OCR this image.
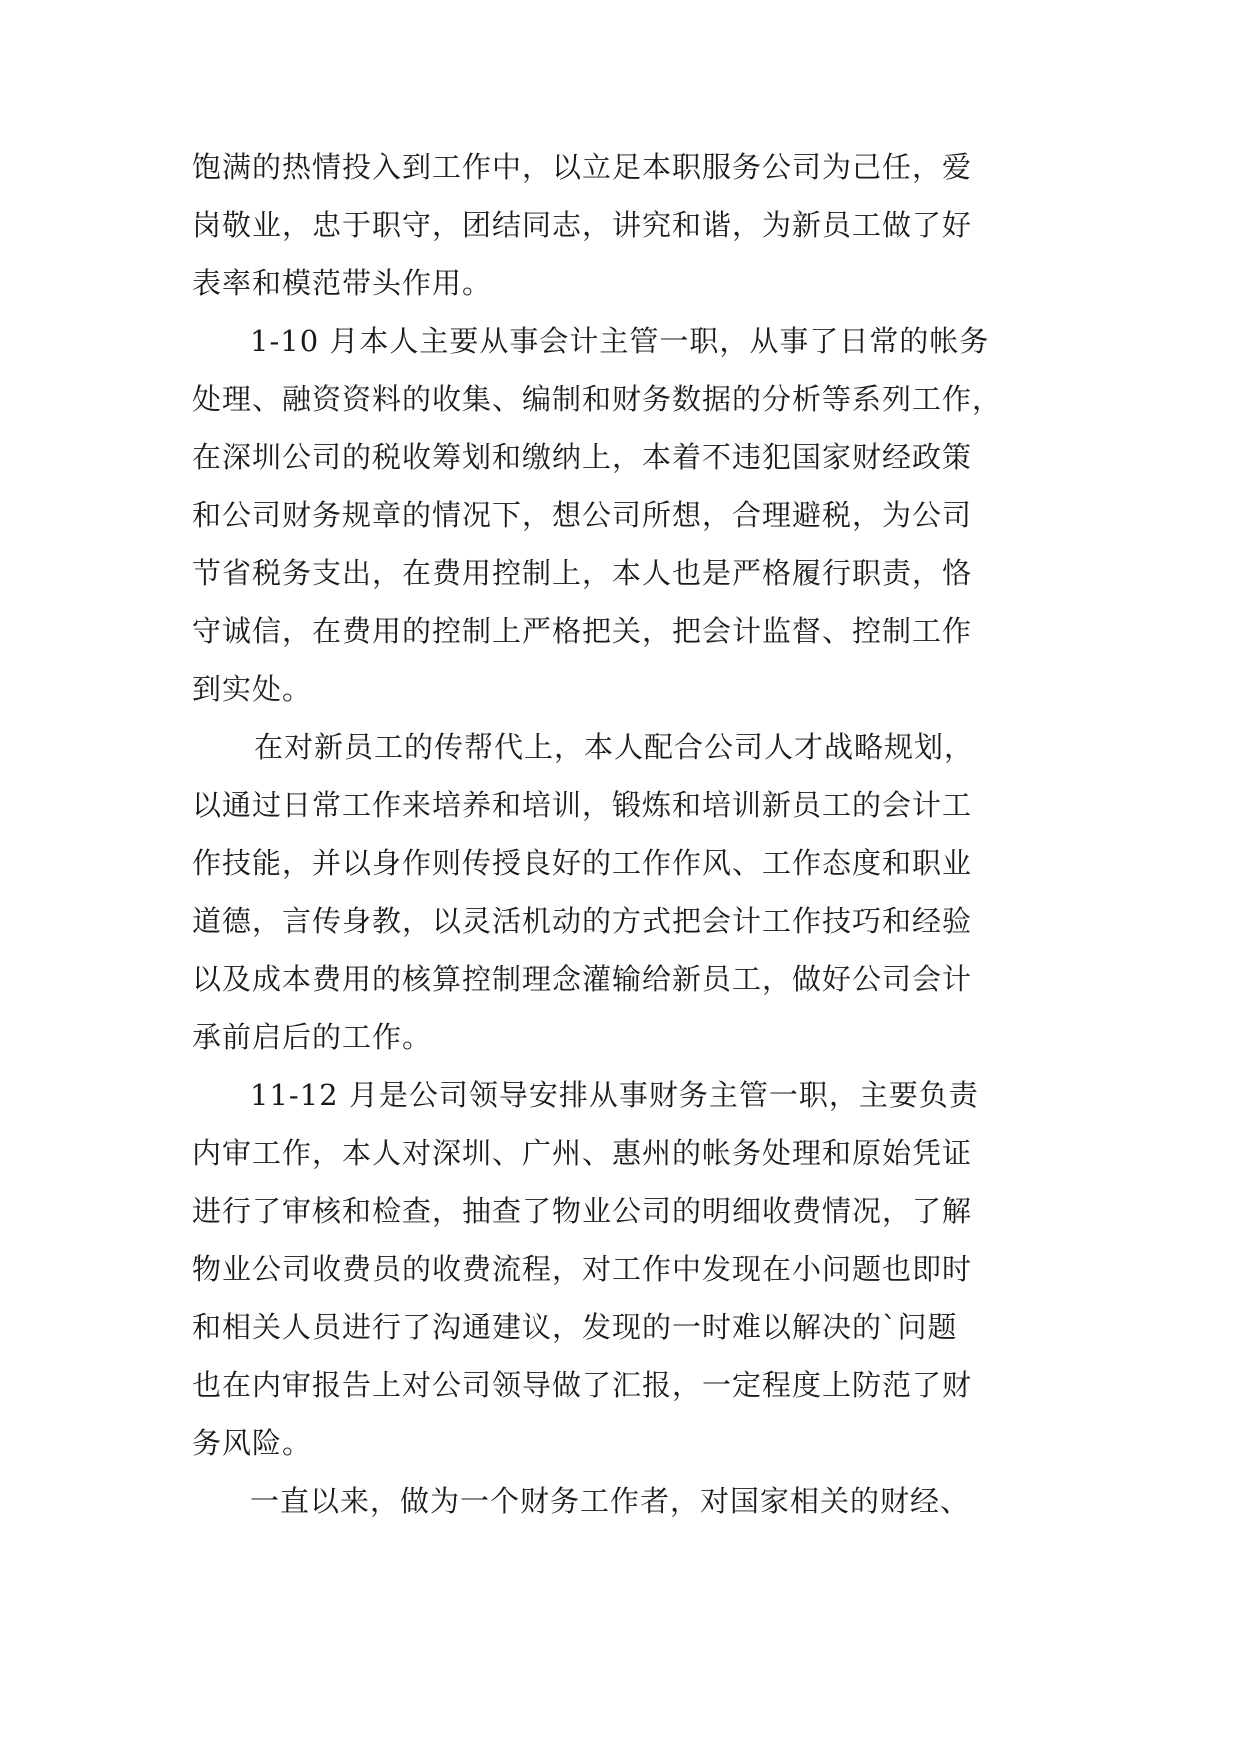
饱满的热情投入到工作中，以立足本职服务公司为己任，爱
岗敬业，忠于职守，团结同志，讲究和谐，为新员工做了好
表率和模范带头作用。
1-10 月本人主要从事会计主管一职，从事了日常的帐务
处理、融资资料的收集、编制和财务数据的分析等系列工作，
在深圳公司的税收筹划和缴纳上，本着不违犯国家财经政策
和公司财务规章的情况下，想公司所想，合理避税，为公司
节省税务支出，在费用控制上，本人也是严格履行职责，恪
守诚信，在费用的控制上严格把关，把会计监督、控制工作
到实处。
在对新员工的传帮代上，本人配合公司人才战略规划，
以通过日常工作来培养和培训，锻炼和培训新员工的会计工
作技能，并以身作则传授良好的工作作风、工作态度和职业
道德，言传身教，以灵活机动的方式把会计工作技巧和经验
以及成本费用的核算控制理念灌输给新员工，做好公司会计
承前启后的工作。
11-12 月是公司领导安排从事财务主管一职，主要负责
内审工作，本人对深圳、广州、惠州的帐务处理和原始凭证
进行了审核和检查，抽查了物业公司的明细收费情况，了解
物业公司收费员的收费流程，对工作中发现在小问题也即时
和相关人员进行了沟通建议，发现的一时难以解决的`问题
也在内审报告上对公司领导做了汇报，一定程度上防范了财
务风险。
一直以来，做为一个财务工作者，对国家相关的财经、
